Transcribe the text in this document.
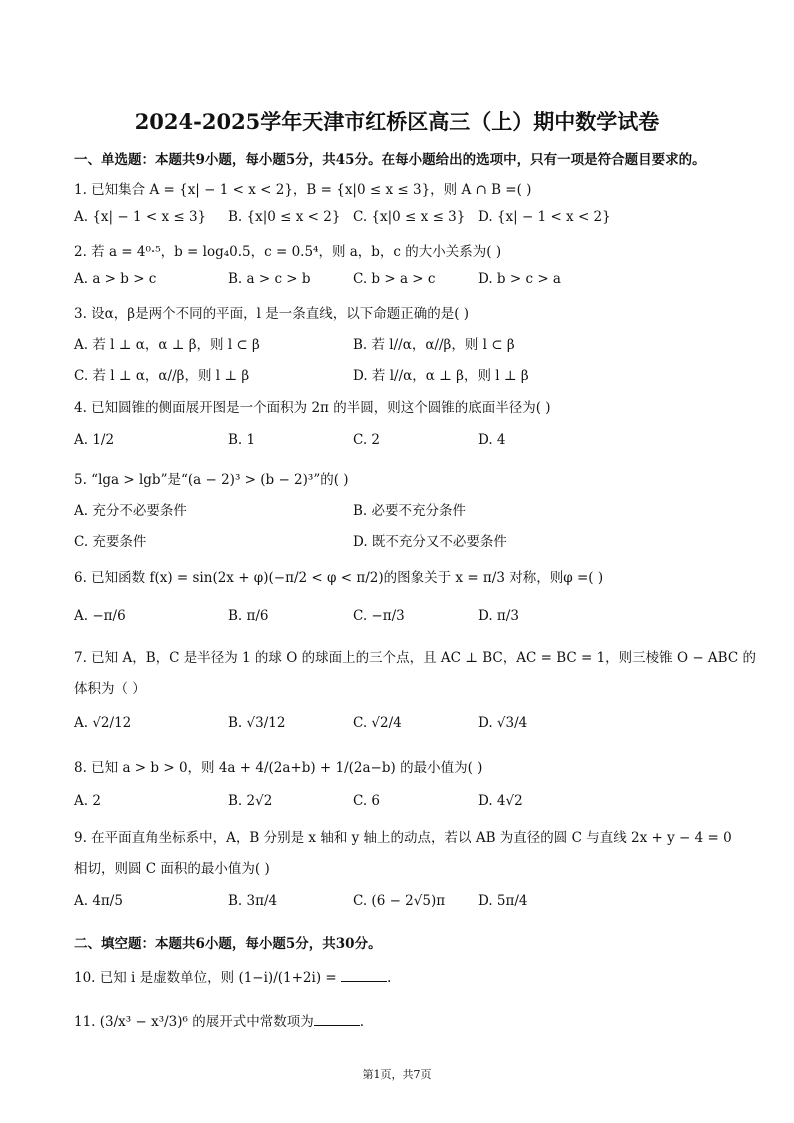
2024-2025学年天津市红桥区高三（上）期中数学试卷
一、单选题：本题共9小题，每小题5分，共45分。在每小题给出的选项中，只有一项是符合题目要求的。
1. 已知集合 A = {x| − 1 < x < 2}，B = {x|0 ≤ x ≤ 3}，则 A ∩ B =( )
A. {x| − 1 < x ≤ 3} B. {x|0 ≤ x < 2} C. {x|0 ≤ x ≤ 3} D. {x| − 1 < x < 2}
2. 若 a = 4⁰·⁵，b = log₄0.5，c = 0.5⁴，则 a，b，c 的大小关系为( )
A. a > b > c	B. a > c > b	C. b > a > c	D. b > c > a
3. 设α，β是两个不同的平面，l 是一条直线，以下命题正确的是( )
A. 若 l ⊥ α，α ⊥ β，则 l ⊂ β	B. 若 l//α，α//β，则 l ⊂ β
C. 若 l ⊥ α，α//β，则 l ⊥ β	D. 若 l//α，α ⊥ β，则 l ⊥ β
4. 已知圆锥的侧面展开图是一个面积为 2π 的半圆，则这个圆锥的底面半径为( )
A. 1/2	B. 1	C. 2	D. 4
5. “lga > lgb”是“(a − 2)³ > (b − 2)³”的( )
A. 充分不必要条件	B. 必要不充分条件
C. 充要条件	D. 既不充分又不必要条件
6. 已知函数 f(x) = sin(2x + φ)(−π/2 < φ < π/2)的图象关于 x = π/3 对称，则φ =( )
A. −π/6	B. π/6	C. −π/3	D. π/3
7. 已知 A，B，C 是半径为 1 的球 O 的球面上的三个点，且 AC ⊥ BC，AC = BC = 1，则三棱锥 O − ABC 的
体积为（ ）
A. √2/12	B. √3/12	C. √2/4	D. √3/4
8. 已知 a > b > 0，则 4a + 4/(2a+b) + 1/(2a−b) 的最小值为( )
A. 2	B. 2√2	C. 6	D. 4√2
9. 在平面直角坐标系中，A，B 分别是 x 轴和 y 轴上的动点，若以 AB 为直径的圆 C 与直线 2x + y − 4 = 0
相切，则圆 C 面积的最小值为( )
A. 4π/5	B. 3π/4	C. (6 − 2√5)π D. 5π/4
二、填空题：本题共6小题，每小题5分，共30分。
10. 已知 i 是虚数单位，则 (1−i)/(1+2i) =	.
11. (3/x³ − x³/3)⁶ 的展开式中常数项为	.
第1页，共7页
